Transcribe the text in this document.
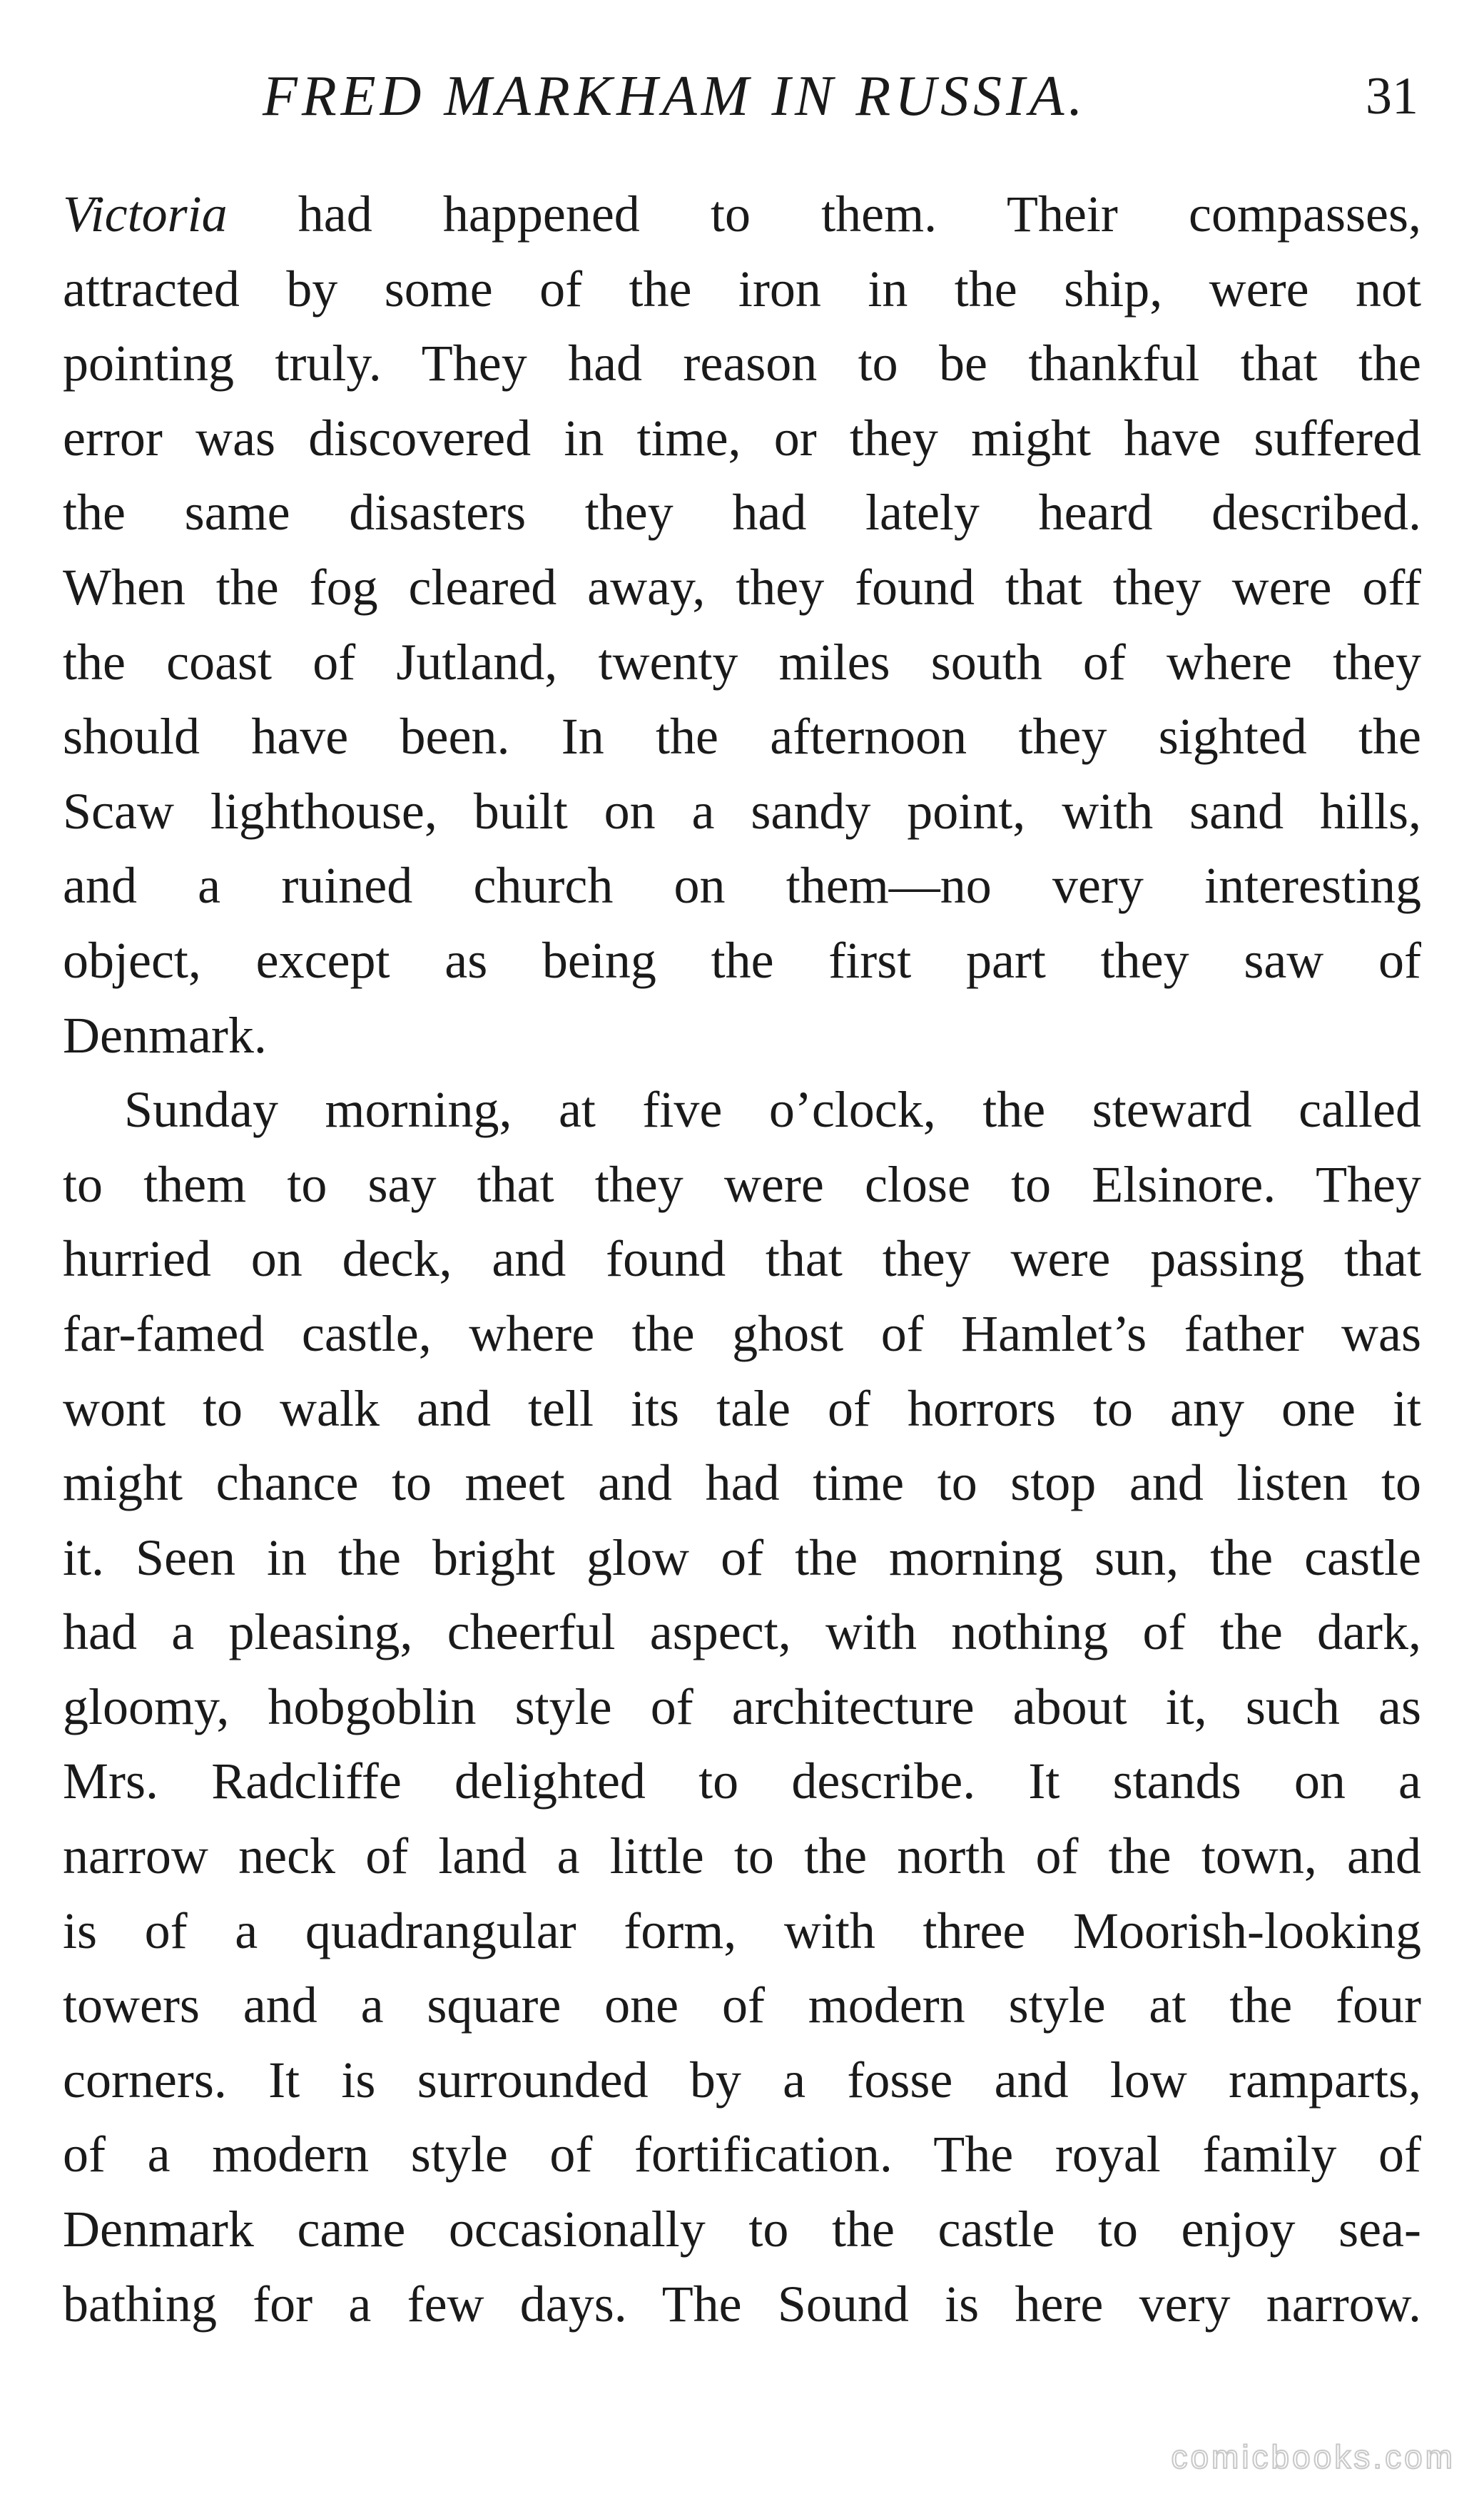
FRED MARKHAM IN RUSSIA.	31
Victoria had happened to them. Their compasses,
attracted by some of the iron in the ship, were not
pointing truly. They had reason to be thankful that the
error was discovered in time, or they might have suffered
the same disasters they had lately heard described.
When the fog cleared away, they found that they were off
the coast of Jutland, twenty miles south of where they
should have been. In the afternoon they sighted the
Scaw lighthouse, built on a sandy point, with sand hills,
and a ruined church on them—no very interesting
object, except as being the first part they saw of
Denmark.
Sunday morning, at five o’clock, the steward called
to them to say that they were close to Elsinore. They
hurried on deck, and found that they were passing that
far-famed castle, where the ghost of Hamlet’s father was
wont to walk and tell its tale of horrors to any one it
might chance to meet and had time to stop and listen to
it. Seen in the bright glow of the morning sun, the castle
had a pleasing, cheerful aspect, with nothing of the dark,
gloomy, hobgoblin style of architecture about it, such as
Mrs. Radcliffe delighted to describe. It stands on a
narrow neck of land a little to the north of the town, and
is of a quadrangular form, with three Moorish-looking
towers and a square one of modern style at the four
corners. It is surrounded by a fosse and low ramparts,
of a modern style of fortification. The royal family of
Denmark came occasionally to the castle to enjoy sea-
bathing for a few days. The Sound is here very narrow.
comicbooks.com
